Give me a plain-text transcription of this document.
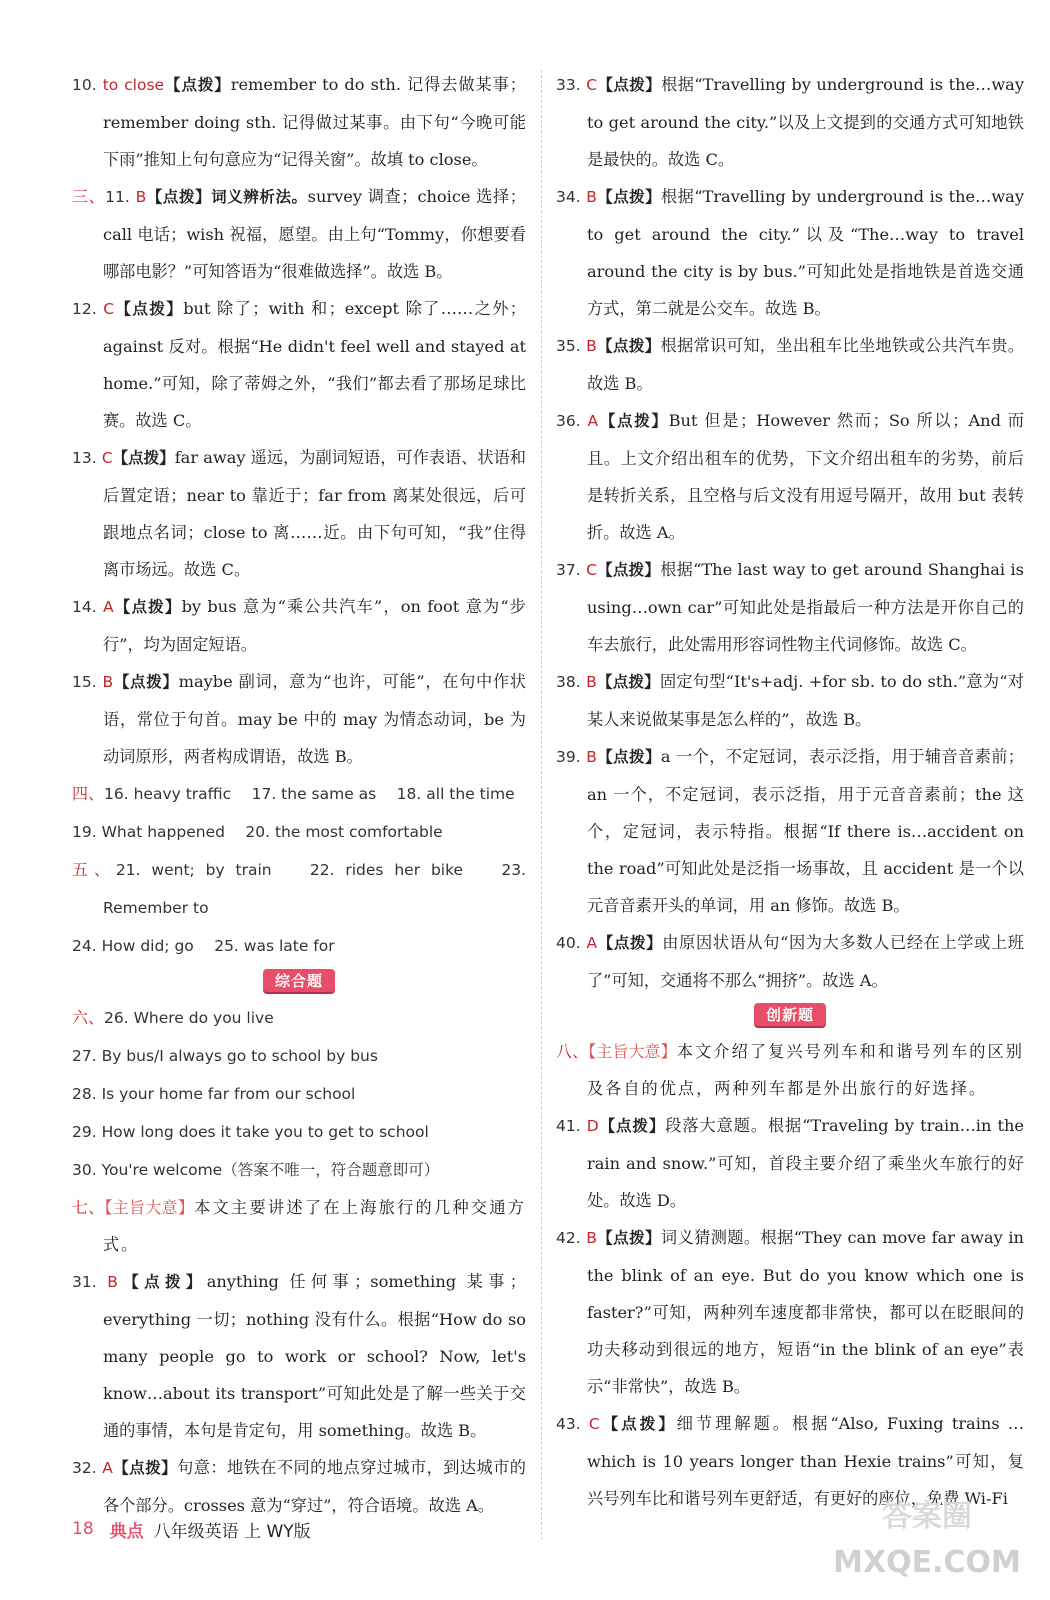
10. to close【点拨】remember to do sth. 记得去做某事；remember doing sth. 记得做过某事。由下句“今晚可能下雨”推知上句句意应为“记得关窗”。故填 to close。

三、11. B【点拨】词义辨析法。survey 调查；choice 选择；call 电话；wish 祝福，愿望。由上句“Tommy，你想要看哪部电影？”可知答语为“很难做选择”。故选 B。

12. C【点拨】but 除了；with 和；except 除了……之外；against 反对。根据“He didn't feel well and stayed at home.”可知，除了蒂姆之外，“我们”都去看了那场足球比赛。故选 C。

13. C【点拨】far away 遥远，为副词短语，可作表语、状语和后置定语；near to 靠近于；far from 离某处很远，后可跟地点名词；close to 离……近。由下句可知，“我”住得离市场远。故选 C。

14. A【点拨】by bus 意为“乘公共汽车”，on foot 意为“步行”，均为固定短语。

15. B【点拨】maybe 副词，意为“也许，可能”，在句中作状语，常位于句首。may be 中的 may 为情态动词，be 为动词原形，两者构成谓语，故选 B。

四、16. heavy traffic　 17. the same as　 18. all the time

19. What happened　 20. the most comfortable

五、21. went; by train　 22. rides her bike　 23. Remember to

24. How did; go　 25. was late for

综合题

六、26. Where do you live

27. By bus/I always go to school by bus

28. Is your home far from our school

29. How long does it take you to get to school

30. You're welcome（答案不唯一，符合题意即可）

七、【主旨大意】本文主要讲述了在上海旅行的几种交通方式。

31. B【点拨】anything 任何事；something 某事；everything 一切；nothing 没有什么。根据“How do so many people go to work or school? Now, let's know…about its transport”可知此处是了解一些关于交通的事情，本句是肯定句，用 something。故选 B。

32. A【点拨】句意：地铁在不同的地点穿过城市，到达城市的各个部分。crosses 意为“穿过”，符合语境。故选 A。

33. C【点拨】根据“Travelling by underground is the…way to get around the city.”以及上文提到的交通方式可知地铁是最快的。故选 C。

34. B【点拨】根据“Travelling by underground is the…way to get around the city.”以及“The…way to travel around the city is by bus.”可知此处是指地铁是首选交通方式，第二就是公交车。故选 B。

35. B【点拨】根据常识可知，坐出租车比坐地铁或公共汽车贵。故选 B。

36. A【点拨】But 但是；However 然而；So 所以；And 而且。上文介绍出租车的优势，下文介绍出租车的劣势，前后是转折关系，且空格与后文没有用逗号隔开，故用 but 表转折。故选 A。

37. C【点拨】根据“The last way to get around Shanghai is using…own car”可知此处是指最后一种方法是开你自己的车去旅行，此处需用形容词性物主代词修饰。故选 C。

38. B【点拨】固定句型“It's+adj. +for sb. to do sth.”意为“对某人来说做某事是怎么样的”，故选 B。

39. B【点拨】a 一个，不定冠词，表示泛指，用于辅音音素前；an 一个，不定冠词，表示泛指，用于元音音素前；the 这个，定冠词，表示特指。根据“If there is…accident on the road”可知此处是泛指一场事故，且 accident 是一个以元音音素开头的单词，用 an 修饰。故选 B。

40. A【点拨】由原因状语从句“因为大多数人已经在上学或上班了”可知，交通将不那么“拥挤”。故选 A。

创新题

八、【主旨大意】本文介绍了复兴号列车和和谐号列车的区别及各自的优点，两种列车都是外出旅行的好选择。

41. D【点拨】段落大意题。根据“Traveling by train…in the rain and snow.”可知，首段主要介绍了乘坐火车旅行的好处。故选 D。

42. B【点拨】词义猜测题。根据“They can move far away in the blink of an eye. But do you know which one is faster?”可知，两种列车速度都非常快，都可以在眨眼间的功夫移动到很远的地方，短语“in the blink of an eye”表示“非常快”，故选 B。

43. C【点拨】细节理解题。根据“Also, Fuxing trains … which is 10 years longer than Hexie trains”可知，复兴号列车比和谐号列车更舒适，有更好的座位，免费 Wi-Fi

18 典点 八年级英语 上 WY版	答案圈
MXQE.COM
